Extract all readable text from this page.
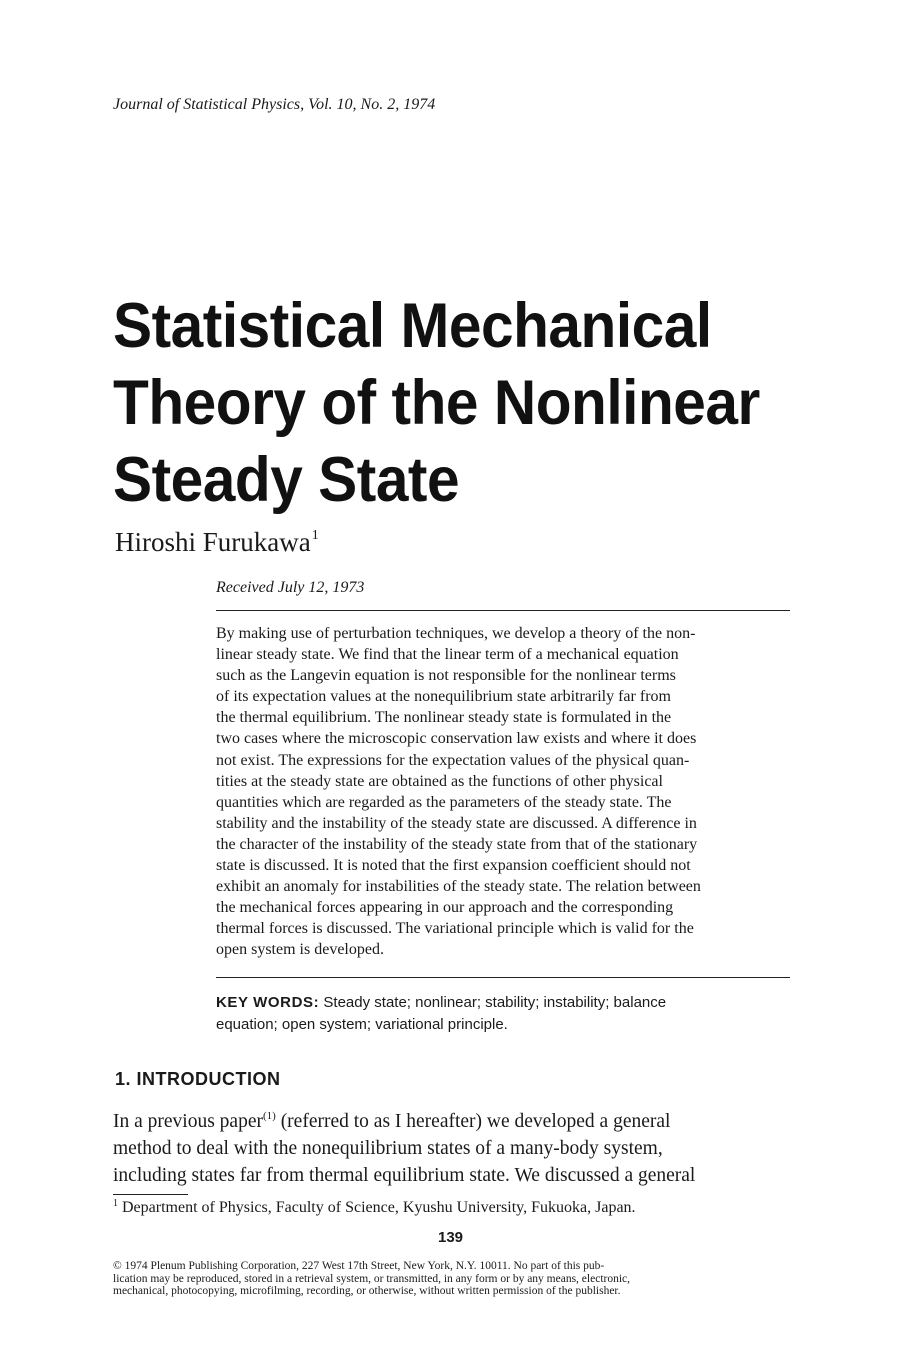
Journal of Statistical Physics, Vol. 10, No. 2, 1974
Statistical Mechanical
Theory of the Nonlinear
Steady State
Hiroshi Furukawa$^1$
Received July 12, 1973
By making use of perturbation techniques, we develop a theory of the non-
linear steady state. We find that the linear term of a mechanical equation
such as the Langevin equation is not responsible for the nonlinear terms
of its expectation values at the nonequilibrium state arbitrarily far from
the thermal equilibrium. The nonlinear steady state is formulated in the
two cases where the microscopic conservation law exists and where it does
not exist. The expressions for the expectation values of the physical quan-
tities at the steady state are obtained as the functions of other physical
quantities which are regarded as the parameters of the steady state. The
stability and the instability of the steady state are discussed. A difference in
the character of the instability of the steady state from that of the stationary
state is discussed. It is noted that the first expansion coefficient should not
exhibit an anomaly for instabilities of the steady state. The relation between
the mechanical forces appearing in our approach and the corresponding
thermal forces is discussed. The variational principle which is valid for the
open system is developed.
KEY WORDS: Steady state; nonlinear; stability; instability; balance
equation; open system; variational principle.
1. INTRODUCTION
In a previous paper$^{(1)}$ (referred to as I hereafter) we developed a general
method to deal with the nonequilibrium states of a many-body system,
including states far from thermal equilibrium state. We discussed a general
$^1$ Department of Physics, Faculty of Science, Kyushu University, Fukuoka, Japan.
139
© 1974 Plenum Publishing Corporation, 227 West 17th Street, New York, N.Y. 10011. No part of this pub-
lication may be reproduced, stored in a retrieval system, or transmitted, in any form or by any means, electronic,
mechanical, photocopying, microfilming, recording, or otherwise, without written permission of the publisher.
